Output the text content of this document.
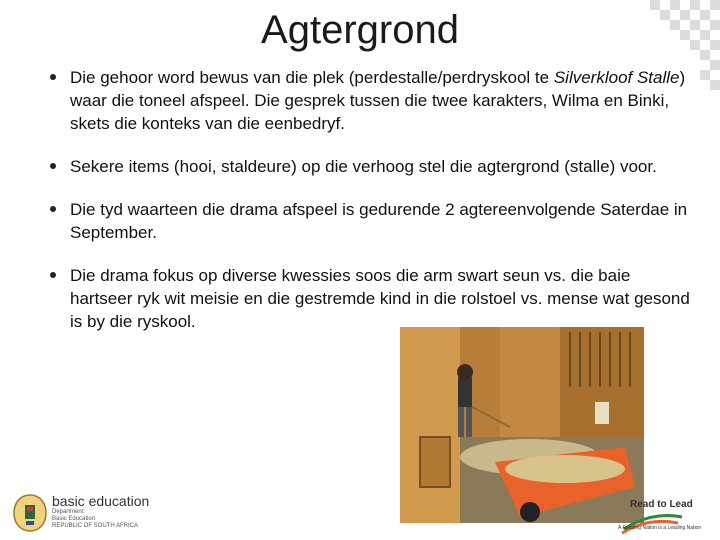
Agtergrond
Die gehoor word bewus van die plek (perdestalle/perdryskool te Silverkloof Stalle) waar die toneel afspeel. Die gesprek tussen die twee karakters, Wilma en Binki, skets die konteks van die eenbedryf.
Sekere items (hooi, staldeure) op die verhoog stel die agtergrond (stalle) voor.
Die tyd waarteen die drama afspeel is gedurende 2 agtereenvolgende Saterdae in September.
Die drama fokus op diverse kwessies soos die arm swart seun vs. die baie hartseer ryk wit meisie en die gestremde kind in die rolstoel vs. mense wat gesond is by die ryskool.
basic education
Department:
Basic Education
REPUBLIC OF SOUTH AFRICA
Read to Lead
A Reading Nation is a Leading Nation
